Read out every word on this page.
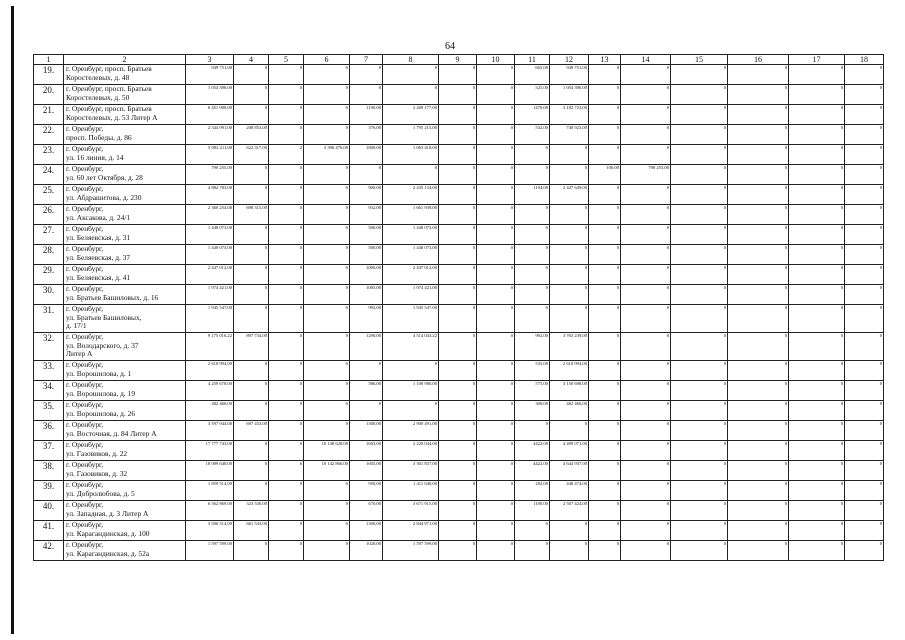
64
1	2	3	4	5	6	7	8	9	10	11	12	13	14	15	16	17	18
19.	г. Оренбург, просп. Братьев
Коростелевых, д. 48	949 751,00	0	0	0	0	0	0	0	665,00	949 751,00	0	0	0	0	0	0
20.	г. Оренбург, просп. Братьев
Коростелевых, д. 50	1 054 396,00	0	0	0	0	0	0	0	525,00	1 054 396,00	0	0	0	0	0	0
21.	г. Оренбург, просп. Братьев
Коростелевых, д. 53 Литер А	6 451 900,00	0	0	0	1190,00	3 269 177,00	0	0	1470,00	3 182 723,00	0	0	0	0	0	0
22.	г. Оренбург,
просп. Победы, д. 86	2 344 991,00	208 853,00	0	0	376,00	1 795 215,00	0	0	532,00	740 923,00	0	0	0	0	0	0
23.	г. Оренбург,
ул. 16 линия, д. 14	5 082 211,00	622 317,00	2	3 396 476,00	1800,00	1 063 418,00	0	0	0	0	0	0	0	0	0	0
24.	г. Оренбург,
ул. 60 лет Октября, д. 28	790 255,00	0	0	0	0	0	0	0	0	0	100,00	790 255,00	0	0	0	0
25.	г. Оренбург,
ул. Абдрашитова, д. 230	4 882 783,00	0	0	0	900,00	2 435 134,00	0	0	1104,00	2 447 649,00	0	0	0	0	0	0
26.	г. Оренбург,
ул. Аксакова, д. 24/1	2 360 254,00	698 315,00	0	0	932,00	1 661 939,00	0	0	0	0	0	0	0	0	0	0
27.	г. Оренбург,
ул. Беляевская, д. 31	1 440 073,00	0	0	0	500,00	1 440 073,00	0	0	0	0	0	0	0	0	0	0
28.	г. Оренбург,
ул. Беляевская, д. 37	1 440 073,00	0	0	0	500,00	1 440 073,00	0	0	0	0	0	0	0	0	0	0
29.	г. Оренбург,
ул. Беляевская, д. 41	2 447 012,00	0	0	0	1000,00	2 447 012,00	0	0	0	0	0	0	0	0	0	0
30.	г. Оренбург,
ул. Братьев Башиловых, д. 16	1 974 421,00	0	0	0	1005,00	1 974 421,00	0	0	0	0	0	0	0	0	0	0
31.	г. Оренбург,
ул. Братьев Башиловых,
д. 17/1	1 945 547,00	0	0	0	992,00	1 945 547,00	0	0	0	0	0	0	0	0	0	0
32.	г. Оренбург,
ул. Володарского, д. 37
Литер А	9 175 016,22	897 734,00	0	0	1290,00	4 514 043,22	0	0	992,00	3 763 239,00	0	0	0	0	0	0
33.	г. Оренбург,
ул. Ворошилова, д. 1	2 610 994,00	0	0	0	0	0	0	0	535,00	2 610 994,00	0	0	0	0	0	0
34.	г. Оренбург,
ул. Ворошилова, д. 19	4 259 678,00	0	0	0	586,00	1 108 980,00	0	0	575,00	3 150 698,00	0	0	0	0	0	0
35.	г. Оренбург,
ул. Ворошилова, д. 26	482 466,00	0	0	0	0	0	0	0	300,00	482 466,00	0	0	0	0	0	0
36.	г. Оренбург,
ул. Восточная, д. 84 Литер А	3 597 944,00	697 453,00	0	0	1300,00	2 900 491,00	0	0	0	0	0	0	0	0	0	0
37.	г. Оренбург,
ул. Газовиков, д. 22	17 777 743,00	0	6	10 148 628,00	1603,00	3 220 044,00	0	0	4422,00	4 409 071,00	0	0	0	0	0	0
38.	г. Оренбург,
ул. Газовиков, д. 32	18 089 640,00	0	6	10 142 866,00	1605,00	3 301 837,00	0	0	4422,00	4 644 937,00	0	0	0	0	0	0
39.	г. Оренбург,
ул. Добролюбова, д. 5	1 859 514,00	0	0	0	950,00	1 411 040,00	0	0	282,00	448 474,00	0	0	0	0	0	0
40.	г. Оренбург,
ул. Западная, д. 3 Литер А	6 562 869,00	323 530,00	0	0	670,00	3 671 915,00	0	0	1100,00	2 507 424,00	0	0	0	0	0	0
41.	г. Оренбург,
ул. Карагандинская, д. 100	3 506 514,00	661 543,00	0	0	1300,00	2 844 971,00	0	0	0	0	0	0	0	0	0	0
42.	г. Оренбург,
ул. Карагандинская, д. 52а	1 597 599,00	0	0	0	1020,00	1 597 599,00	0	0	0	0	0	0	0	0	0	0
